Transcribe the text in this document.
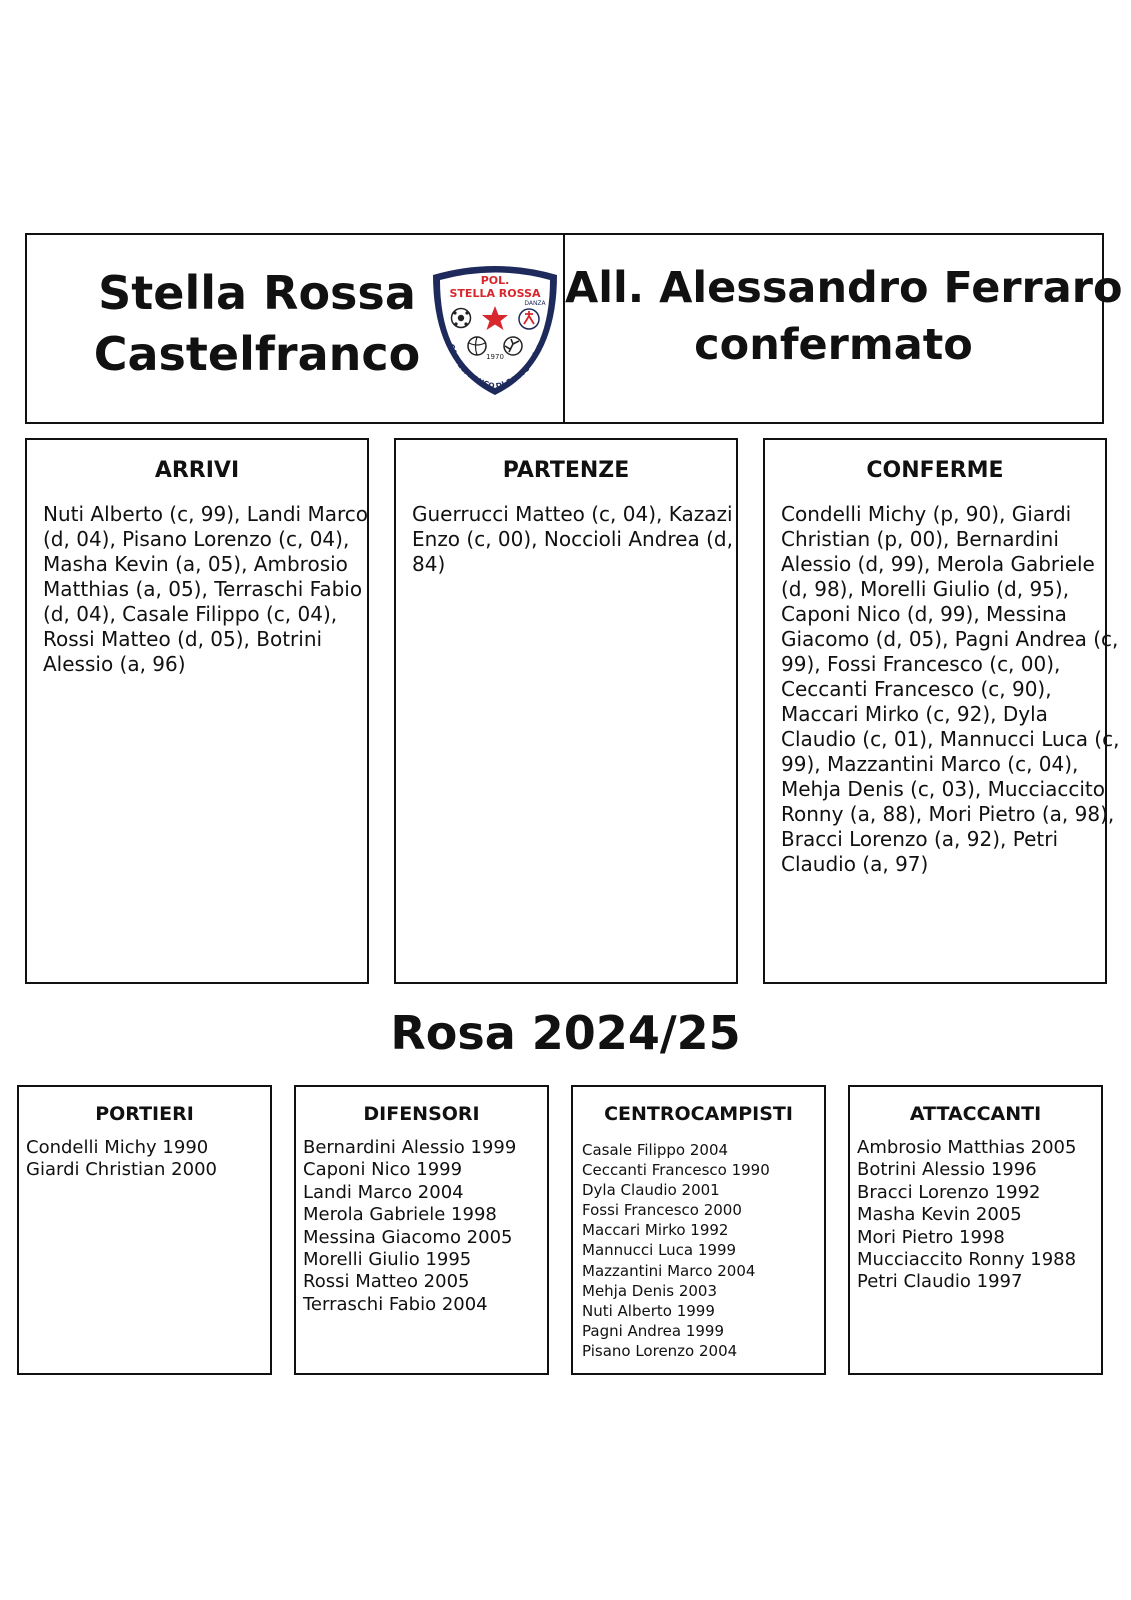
Stella Rossa
Castelfranco
POL.
STELLA ROSSA
DANZA
1970
CASTELFRANCO DI SOTTO - Pisa
All. Alessandro Ferraro
confermato
ARRIVI
Nuti Alberto (c, 99), Landi Marco
(d, 04), Pisano Lorenzo (c, 04),
Masha Kevin (a, 05), Ambrosio
Matthias (a, 05), Terraschi Fabio
(d, 04), Casale Filippo (c, 04),
Rossi Matteo (d, 05), Botrini
Alessio (a, 96)
PARTENZE
Guerrucci Matteo (c, 04), Kazazi
Enzo (c, 00), Noccioli Andrea (d,
84)
CONFERME
Condelli Michy (p, 90), Giardi
Christian (p, 00), Bernardini
Alessio (d, 99), Merola Gabriele
(d, 98), Morelli Giulio (d, 95),
Caponi Nico (d, 99), Messina
Giacomo (d, 05), Pagni Andrea (c,
99), Fossi Francesco (c, 00),
Ceccanti Francesco (c, 90),
Maccari Mirko (c, 92), Dyla
Claudio (c, 01), Mannucci Luca (c,
99), Mazzantini Marco (c, 04),
Mehja Denis (c, 03), Mucciaccito
Ronny (a, 88), Mori Pietro (a, 98),
Bracci Lorenzo (a, 92), Petri
Claudio (a, 97)
Rosa 2024/25
PORTIERI
Condelli Michy 1990
Giardi Christian 2000
DIFENSORI
Bernardini Alessio 1999
Caponi Nico 1999
Landi Marco 2004
Merola Gabriele 1998
Messina Giacomo 2005
Morelli Giulio 1995
Rossi Matteo 2005
Terraschi Fabio 2004
CENTROCAMPISTI
Casale Filippo 2004
Ceccanti Francesco 1990
Dyla Claudio 2001
Fossi Francesco 2000
Maccari Mirko 1992
Mannucci Luca 1999
Mazzantini Marco 2004
Mehja Denis 2003
Nuti Alberto 1999
Pagni Andrea 1999
Pisano Lorenzo 2004
ATTACCANTI
Ambrosio Matthias 2005
Botrini Alessio 1996
Bracci Lorenzo 1992
Masha Kevin 2005
Mori Pietro 1998
Mucciaccito Ronny 1988
Petri Claudio 1997
